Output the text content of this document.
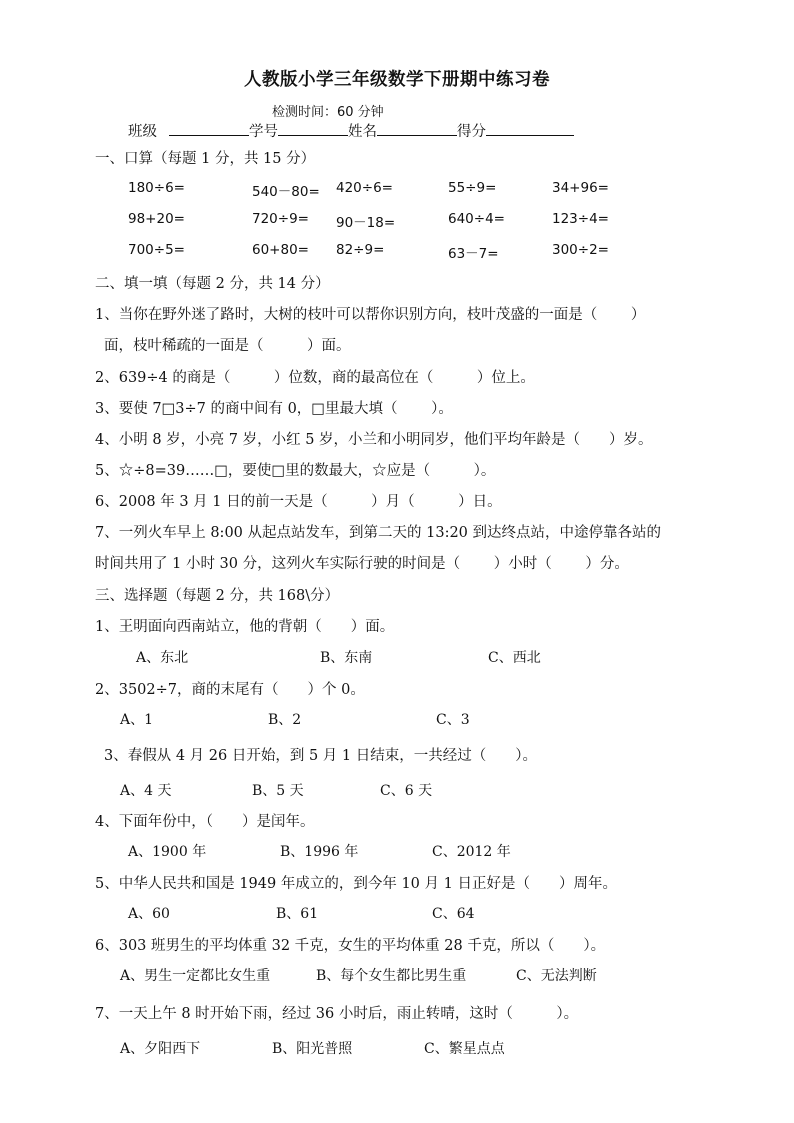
人教版小学三年级数学下册期中练习卷
检测时间：60 分钟
班级	学号	姓名	得分
一、口算（每题 1 分，共 15 分）
180÷6=	540－80= 420÷6=	55÷9=	34+96=
98+20=	720÷9= 90－18=	640÷4=	123÷4=
700÷5=	60+80= 82÷9=	63－7=	300÷2=
二、填一填（每题 2 分，共 14 分）
1、当你在野外迷了路时，大树的枝叶可以帮你识别方向，枝叶茂盛的一面是（　　 ）
面，枝叶稀疏的一面是（　　　）面。
2、639÷4 的商是（　　　）位数，商的最高位在（　　　）位上。
3、要使 7□3÷7 的商中间有 0，□里最大填（　　 ）。
4、小明 8 岁，小亮 7 岁，小红 5 岁，小兰和小明同岁，他们平均年龄是（　　）岁。
5、☆÷8=39……□，要使□里的数最大，☆应是（　　　）。
6、2008 年 3 月 1 日的前一天是（　　　）月（　　　）日。
7、一列火车早上 8:00 从起点站发车，到第二天的 13:20 到达终点站，中途停靠各站的
时间共用了 1 小时 30 分，这列火车实际行驶的时间是（　　 ）小时（　　 ）分。
三、选择题（每题 2 分，共 168\分）
1、王明面向西南站立，他的背朝（　　）面。
A、东北	B、东南	C、西北
2、3502÷7，商的末尾有（　　）个 0。
A、1	B、2	C、3
3、春假从 4 月 26 日开始，到 5 月 1 日结束，一共经过（　　）。
A、4 天	B、5 天	C、6 天
4、下面年份中，（　　）是闰年。
A、1900 年	B、1996 年	C、2012 年
5、中华人民共和国是 1949 年成立的，到今年 10 月 1 日正好是（　　）周年。
A、60	B、61	C、64
6、303 班男生的平均体重 32 千克，女生的平均体重 28 千克，所以（　　）。
A、男生一定都比女生重	B、每个女生都比男生重	C、无法判断
7、一天上午 8 时开始下雨，经过 36 小时后，雨止转晴，这时（　　　）。
A、夕阳西下	B、阳光普照	C、繁星点点
